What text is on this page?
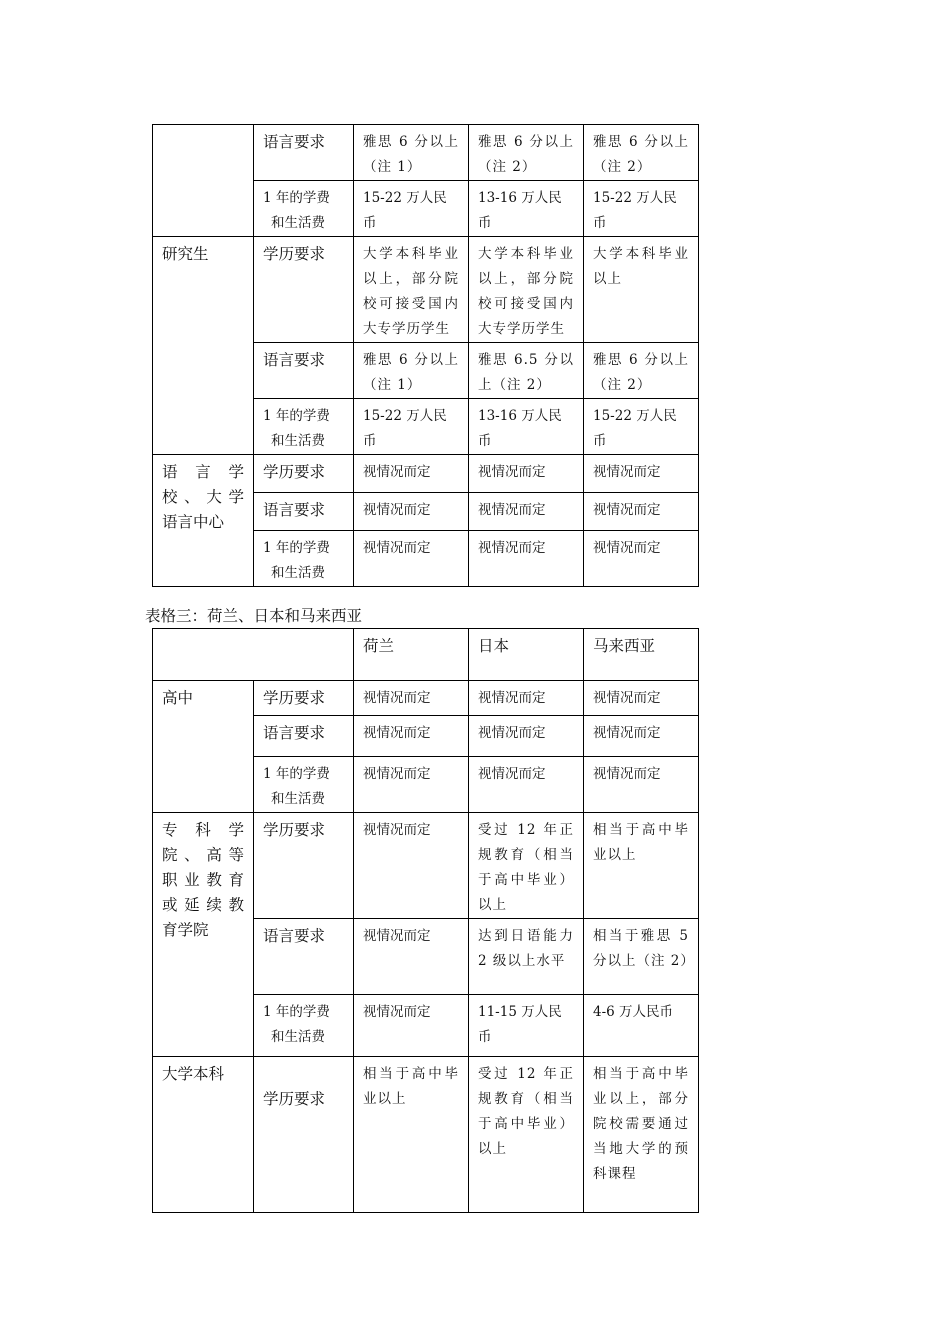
	语言要求	雅思 6 分以上（注 1）	雅思 6 分以上（注 2）	雅思 6 分以上（注 2）

	1 年的学费
和生活费	15-22 万人民币	13-16 万人民币	15-22 万人民币
研究生	学历要求	大学本科毕业以上，部分院校可接受国内大专学历学生	大学本科毕业以上，部分院校可接受国内大专学历学生	大学本科毕业以上
	语言要求	雅思 6 分以上（注 1）	雅思 6.5 分以上（注 2）	雅思 6 分以上（注 2）

	1 年的学费
和生活费	15-22 万人民币	13-16 万人民币	15-22 万人民币

语　言　学
校、大学
语言中心	学历要求	视情况而定	视情况而定	视情况而定
	语言要求	视情况而定	视情况而定	视情况而定

	1 年的学费
和生活费	视情况而定	视情况而定	视情况而定
表格三：荷兰、日本和马来西亚
		荷兰	日本	马来西亚
高中	学历要求	视情况而定	视情况而定	视情况而定
	语言要求	视情况而定	视情况而定	视情况而定

	1 年的学费
和生活费	视情况而定	视情况而定	视情况而定

专　科　学
院、高等
职业教育
或延续教
育学院	学历要求	视情况而定	受过 12 年正规教育（相当于高中毕业）以上	相当于高中毕业以上
	语言要求	视情况而定	达到日语能力 2 级以上水平	相当于雅思 5 分以上（注 2）

	1 年的学费
和生活费	视情况而定	11-15 万人民币	4-6 万人民币
大学本科	学历要求	相当于高中毕业以上	受过 12 年正规教育（相当于高中毕业）以上	相当于高中毕业以上，部分院校需要通过当地大学的预科课程
